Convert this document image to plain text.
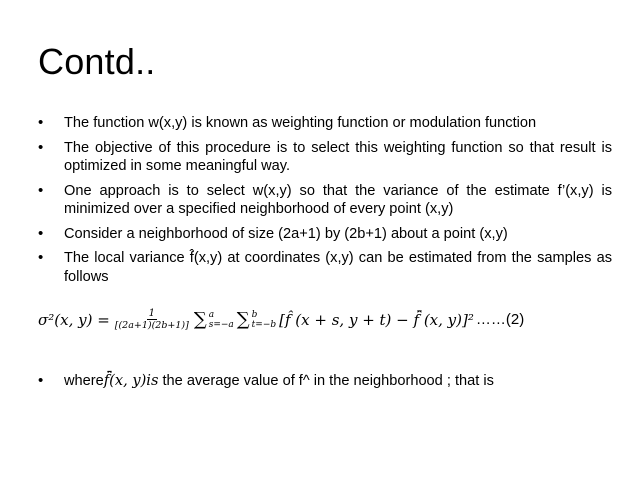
Contd..
• The function w(x,y) is known as weighting function or modulation function
• The objective of this procedure is to select this weighting function so that result is optimized in some meaningful way.
• One approach is to select w(x,y) so that the variance of the estimate f’(x,y) is minimized over a specified neighborhood of every point (x,y)
• Consider a neighborhood of size (2a+1) by (2b+1) about a point (x,y)
• The local variance f̂(x,y) at coordinates (x,y) can be estimated from the samples as follows
σ²(x, $y) = \frac{1}{[(2a+1)(2b+1)]}$ ∑ a
s=−a ∑ b
t=−b [f̂ (x + s, y + t) − f̂̄ (x, y)]² ……(2)
• wheref̂̄(x, y)is the average value of f^ in the neighborhood ; that is
